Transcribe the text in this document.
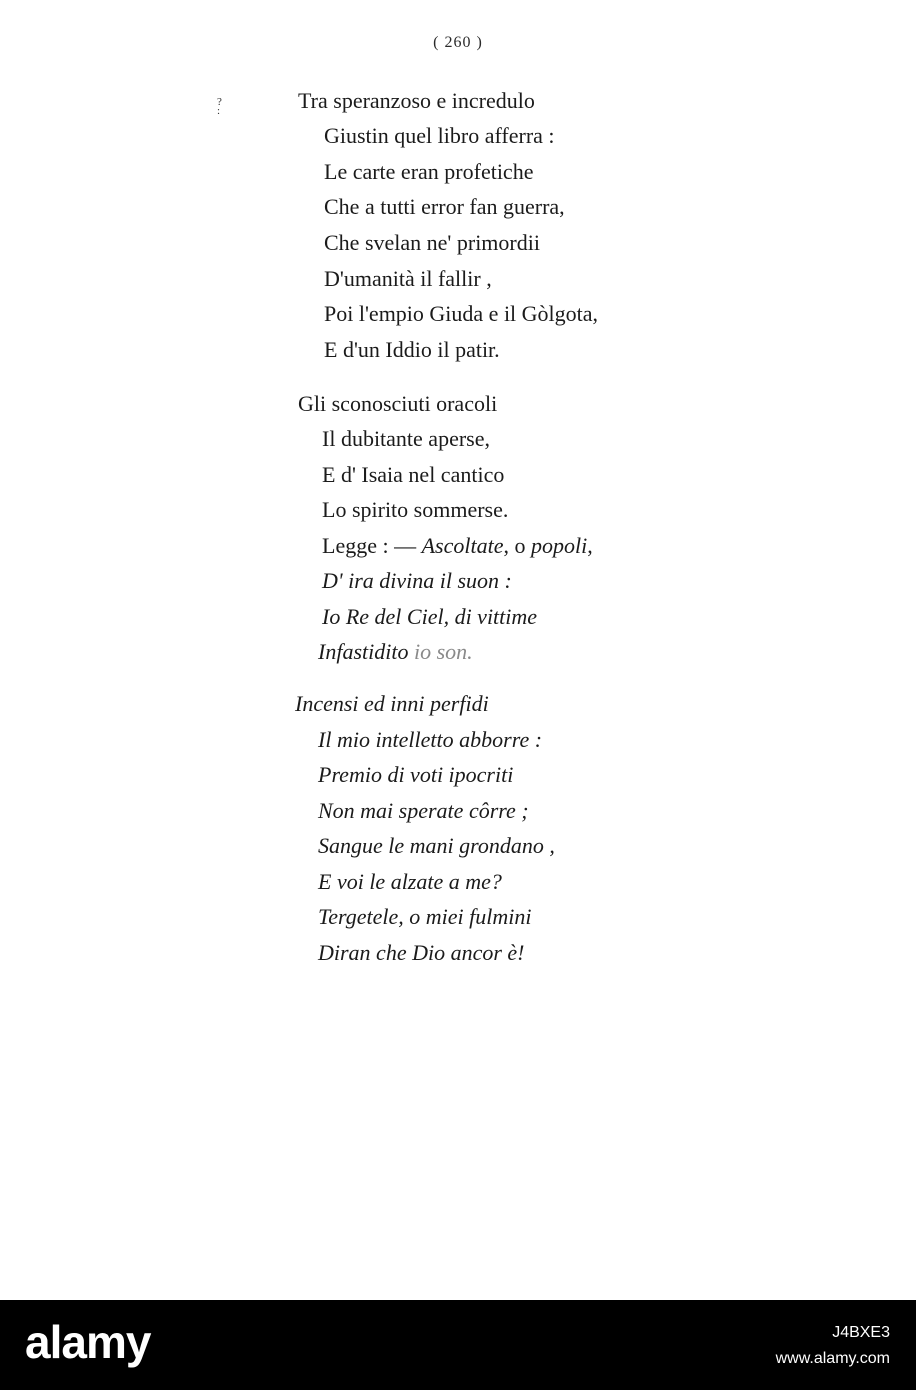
( 260 )
?
:	Tra speranzoso e incredulo
Giustin quel libro afferra :
Le carte eran profetiche
Che a tutti error fan guerra,
Che svelan ne' primordii
D'umanità il fallir ,
Poi l'empio Giuda e il Gòlgota,
E d'un Iddio il patir.
Gli sconosciuti oracoli
Il dubitante aperse,
E d' Isaia nel cantico
Lo spirito sommerse.
Legge : — Ascoltate, o popoli,
D' ira divina il suon :
Io Re del Ciel, di vittime
Infastidito io son.
Incensi ed inni perfidi
Il mio intelletto abborre :
Premio di voti ipocriti
Non mai sperate côrre ;
Sangue le mani grondano ,
E voi le alzate a me?
Tergetele, o miei fulmini
Diran che Dio ancor è!
alamy	J4BXE3
www.alamy.com
